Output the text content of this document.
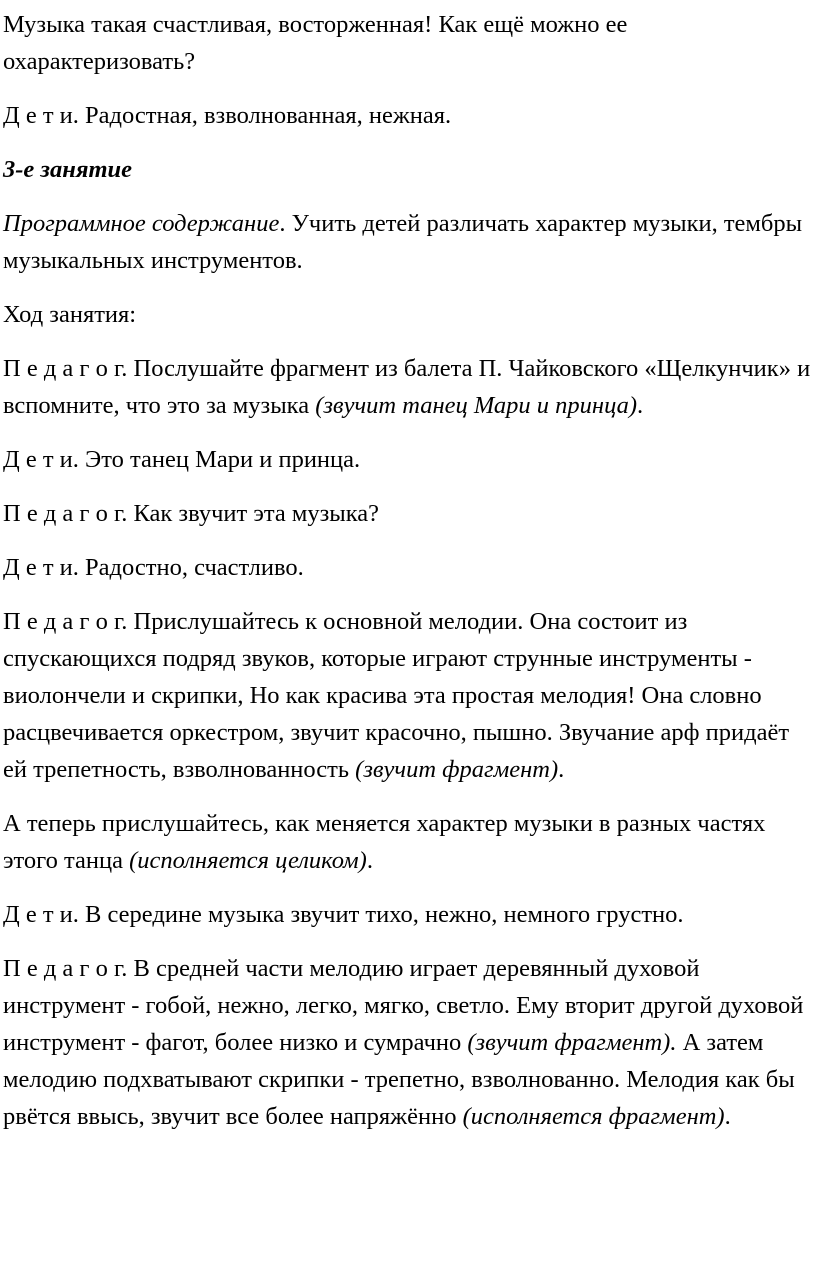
Музыка такая счастливая, восторженная! Как ещё можно ее охарактеризовать?

Д е т и. Радостная, взволнованная, нежная.

3-е занятие

Программное содержание. Учить детей различать характер музыки, тембры музыкальных инструментов.

Ход занятия:

П е д а г о г. Послушайте фрагмент из балета П. Чайковского «Щелкунчик» и вспомните, что это за музыка (звучит танец Мари и принца).

Д е т и. Это танец Мари и принца.

П е д а г о г. Как звучит эта музыка?

Д е т и. Радостно, счастливо.

П е д а г о г. Прислушайтесь к основной мелодии. Она состоит из спускающихся подряд звуков, которые играют струнные инструменты - виолончели и скрипки, Но как красива эта простая мелодия! Она словно расцвечивается оркестром, звучит красочно, пышно. Звучание арф придаёт ей трепетность, взволнованность (звучит фрагмент).

А теперь прислушайтесь, как меняется характер музыки в разных частях этого танца (исполняется целиком).

Д е т и. В середине музыка звучит тихо, нежно, немного грустно.

П е д а г о г. В средней части мелодию играет деревянный духовой инструмент - гобой, нежно, легко, мягко, светло. Ему вторит другой духовой инструмент - фагот, более низко и сумрачно (звучит фрагмент). А затем мелодию подхватывают скрипки - трепетно, взволнованно. Мелодия как бы рвётся ввысь, звучит все более напряжённо (исполняется фрагмент).
